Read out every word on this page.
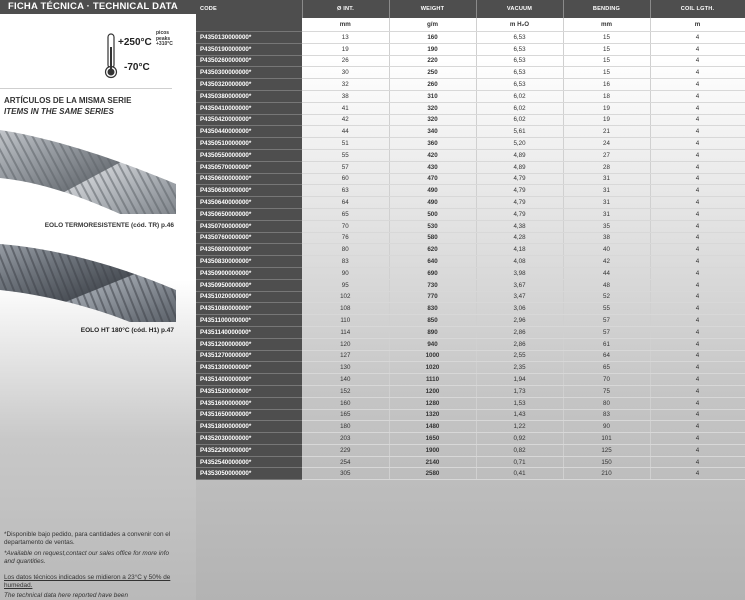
FICHA TÉCNICA · TECHNICAL DATA
+250°C
picos
peaks
+310°C
-70°C
ARTÍCULOS DE LA MISMA SERIE
ITEMS IN THE SAME SERIES
EOLO TERMORESISTENTE (cód. TR) p.46
EOLO HT 180°C (cód. H1) p.47
*Disponible bajo pedido, para cantidades a convenir con el departamento de ventas.
*Available on request,contact our sales office for more info and quantities.
Los datos técnicos indicados se midieron a 23°C y 50% de humedad.
The technical data here reported have been
CODE	Ø INT.	WEIGHT	VACUUM	BENDING	COIL LGTH.
	mm	g/m	m H₂O	mm	m
P4350130000000*	13	160	6,53	15	4
P4350190000000*	19	190	6,53	15	4
P4350260000000*	26	220	6,53	15	4
P4350300000000*	30	250	6,53	15	4
P4350320000000*	32	260	6,53	16	4
P4350380000000*	38	310	6,02	18	4
P4350410000000*	41	320	6,02	19	4
P4350420000000*	42	320	6,02	19	4
P4350440000000*	44	340	5,61	21	4
P4350510000000*	51	360	5,20	24	4
P4350550000000*	55	420	4,89	27	4
P4350570000000*	57	430	4,89	28	4
P4350600000000*	60	470	4,79	31	4
P4350630000000*	63	490	4,79	31	4
P4350640000000*	64	490	4,79	31	4
P4350650000000*	65	500	4,79	31	4
P4350700000000*	70	530	4,38	35	4
P4350760000000*	76	580	4,28	38	4
P4350800000000*	80	620	4,18	40	4
P4350830000000*	83	640	4,08	42	4
P4350900000000*	90	690	3,98	44	4
P4350950000000*	95	730	3,67	48	4
P4351020000000*	102	770	3,47	52	4
P4351080000000*	108	830	3,06	55	4
P4351100000000*	110	850	2,96	57	4
P4351140000000*	114	890	2,86	57	4
P4351200000000*	120	940	2,86	61	4
P4351270000000*	127	1000	2,55	64	4
P4351300000000*	130	1020	2,35	65	4
P4351400000000*	140	1110	1,94	70	4
P4351520000000*	152	1200	1,73	75	4
P4351600000000*	160	1280	1,53	80	4
P4351650000000*	165	1320	1,43	83	4
P4351800000000*	180	1480	1,22	90	4
P4352030000000*	203	1650	0,92	101	4
P4352290000000*	229	1900	0,82	125	4
P4352540000000*	254	2140	0,71	150	4
P4353050000000*	305	2580	0,41	210	4
